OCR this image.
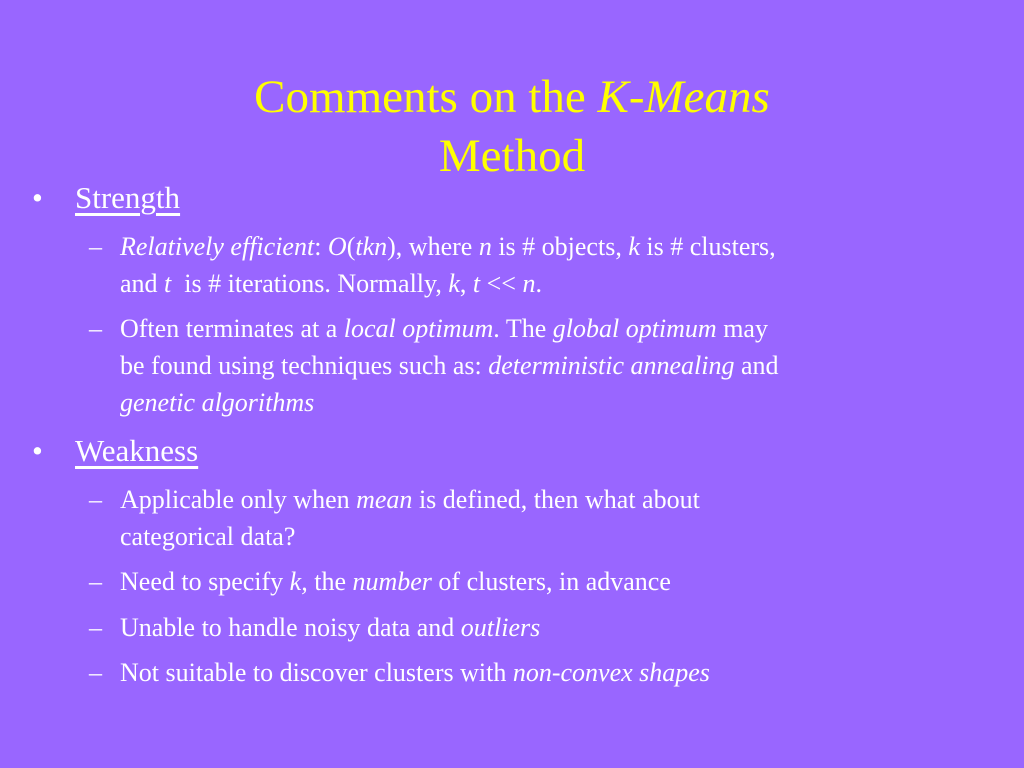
Comments on the K-Means
Method
• Strength
– Relatively efficient: O(tkn), where n is # objects, k is # clusters,
and t  is # iterations. Normally, k, t << n.
– Often terminates at a local optimum. The global optimum may
be found using techniques such as: deterministic annealing and
genetic algorithms
• Weakness
– Applicable only when mean is defined, then what about
categorical data?
– Need to specify k, the number of clusters, in advance
– Unable to handle noisy data and outliers
– Not suitable to discover clusters with non-convex shapes
